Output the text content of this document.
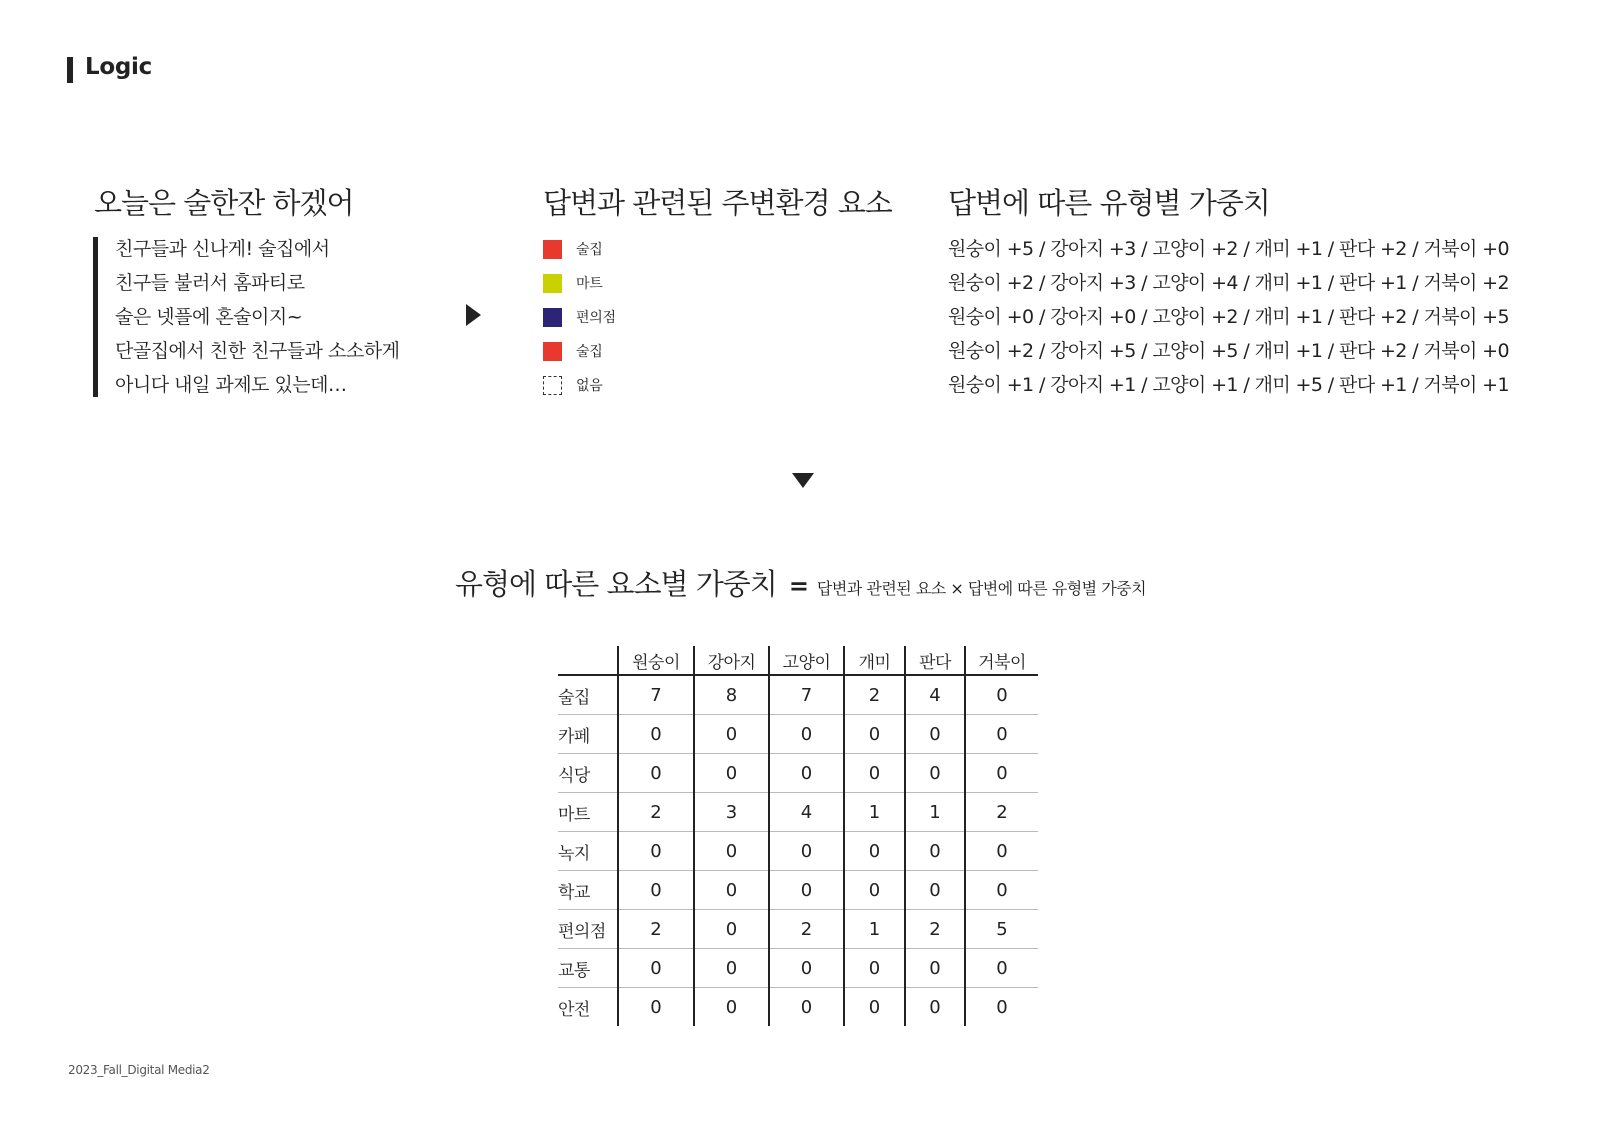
Logic
오늘은 술한잔 하겠어
친구들과 신나게! 술집에서
친구들 불러서 홈파티로
술은 넷플에 혼술이지~
단골집에서 친한 친구들과 소소하게
아니다 내일 과제도 있는데…
답변과 관련된 주변환경 요소
술집
마트
편의점
술집
없음
답변에 따른 유형별 가중치
원숭이 +5 / 강아지 +3 / 고양이 +2 / 개미 +1 / 판다 +2 / 거북이 +0
원숭이 +2 / 강아지 +3 / 고양이 +4 / 개미 +1 / 판다 +1 / 거북이 +2
원숭이 +0 / 강아지 +0 / 고양이 +2 / 개미 +1 / 판다 +2 / 거북이 +5
원숭이 +2 / 강아지 +5 / 고양이 +5 / 개미 +1 / 판다 +2 / 거북이 +0
원숭이 +1 / 강아지 +1 / 고양이 +1 / 개미 +5 / 판다 +1 / 거북이 +1
유형에 따른 요소별 가중치 = 답변과 관련된 요소 × 답변에 따른 유형별 가중치
	원숭이	강아지	고양이	개미	판다	거북이
술집	7	8	7	2	4	0
카페	0	0	0	0	0	0
식당	0	0	0	0	0	0
마트	2	3	4	1	1	2
녹지	0	0	0	0	0	0
학교	0	0	0	0	0	0
편의점	2	0	2	1	2	5
교통	0	0	0	0	0	0
안전	0	0	0	0	0	0
2023_Fall_Digital Media2
